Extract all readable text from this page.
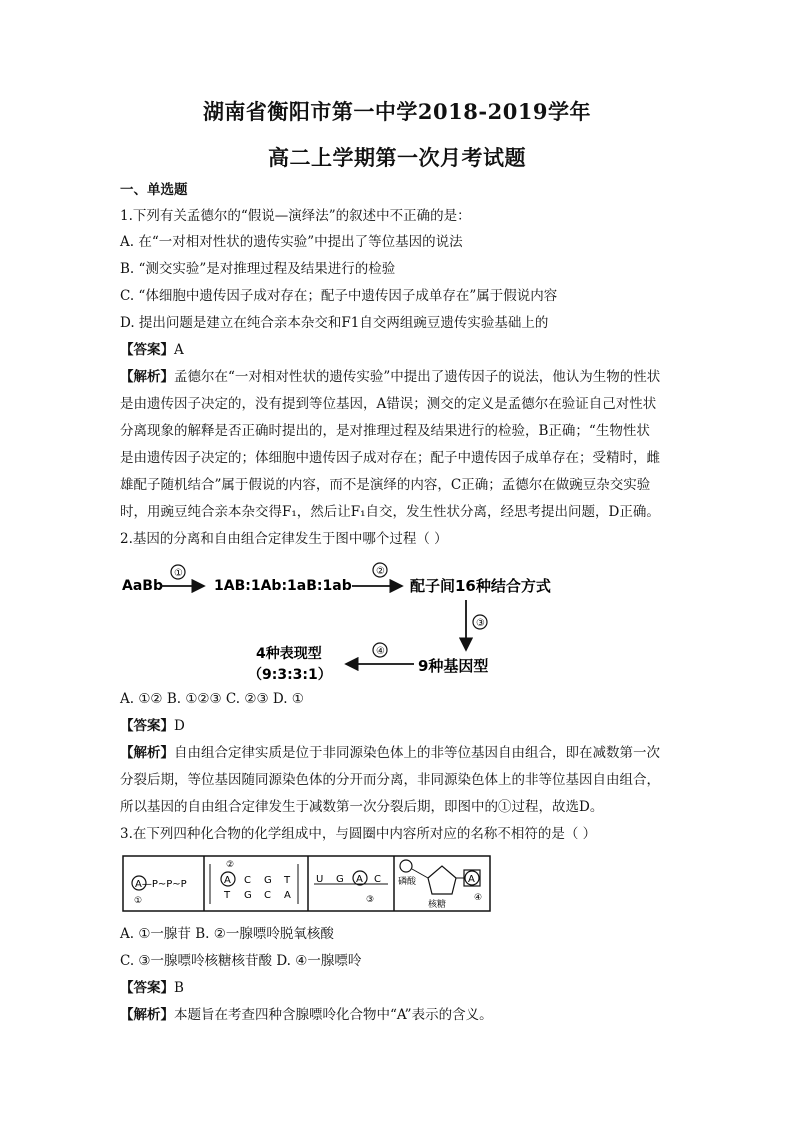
湖南省衡阳市第一中学2018-2019学年
高二上学期第一次月考试题
一、单选题
1.下列有关孟德尔的“假说—演绎法”的叙述中不正确的是：
A. 在“一对相对性状的遗传实验”中提出了等位基因的说法
B. “测交实验”是对推理过程及结果进行的检验
C. “体细胞中遗传因子成对存在；配子中遗传因子成单存在”属于假说内容
D. 提出问题是建立在纯合亲本杂交和F1自交两组豌豆遗传实验基础上的
【答案】A
【解析】孟德尔在“一对相对性状的遗传实验”中提出了遗传因子的说法，他认为生物的性状
是由遗传因子决定的，没有提到等位基因，A错误；测交的定义是孟德尔在验证自己对性状
分离现象的解释是否正确时提出的，是对推理过程及结果进行的检验，B正确；“生物性状
是由遗传因子决定的；体细胞中遗传因子成对存在；配子中遗传因子成单存在；受精时，雌
雄配子随机结合”属于假说的内容，而不是演绎的内容，C正确；孟德尔在做豌豆杂交实验
时，用豌豆纯合亲本杂交得F₁，然后让F₁自交，发生性状分离，经思考提出问题，D正确。
2.基因的分离和自由组合定律发生于图中哪个过程（ ）
AaBb
①
1AB:1Ab:1aB:1ab
②
配子间16种结合方式
③
9种基因型
④
4种表现型
（9:3:3:1）
A. ①② B. ①②③ C. ②③ D. ①
【答案】D
【解析】自由组合定律实质是位于非同源染色体上的非等位基因自由组合，即在减数第一次
分裂后期，等位基因随同源染色体的分开而分离，非同源染色体上的非等位基因自由组合，
所以基因的自由组合定律发生于减数第一次分裂后期，即图中的①过程，故选D。
3.在下列四种化合物的化学组成中，与圆圈中内容所对应的名称不相符的是（ ）
A—P~P~P
①
②
A C G T
T G C A
U G A C
③
磷酸
核糖
A
④
A. ①一腺苷 B. ②一腺嘌呤脱氧核酸
C. ③一腺嘌呤核糖核苷酸 D. ④一腺嘌呤
【答案】B
【解析】本题旨在考查四种含腺嘌呤化合物中“A”表示的含义。
